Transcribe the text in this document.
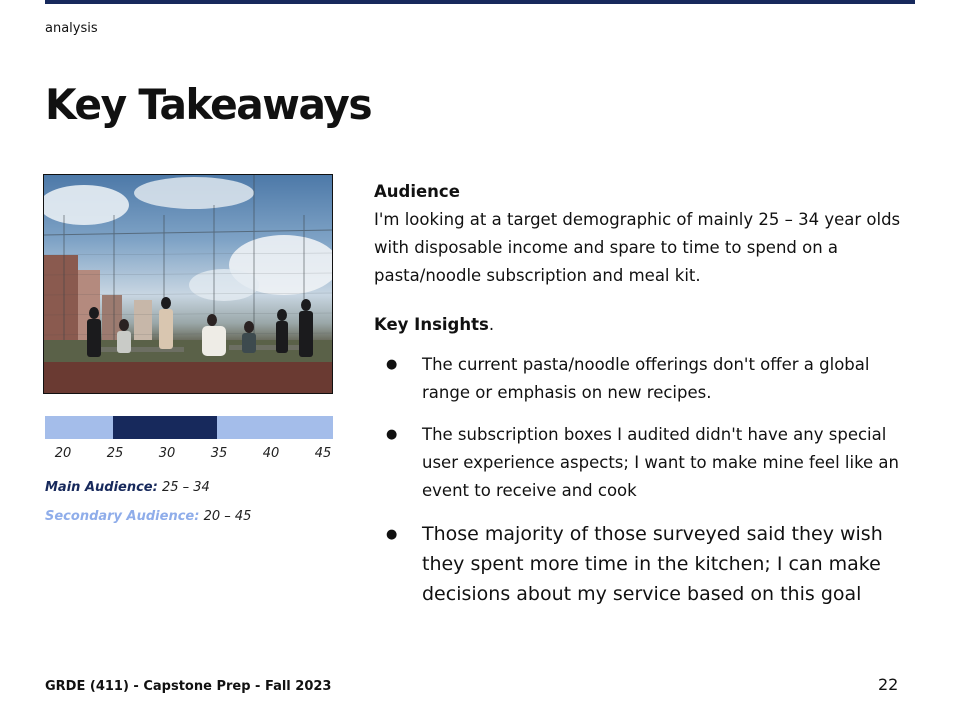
analysis
Key Takeaways
20	25	30	35	40	45
Main Audience: 25 – 34
Secondary Audience: 20 – 45
Audience
I'm looking at a target demographic of mainly 25 – 34 year olds with disposable income and spare to time to spend on a pasta/noodle subscription and meal kit.
Key Insights.
● The current pasta/noodle offerings don't offer a global range or emphasis on new recipes.
● The subscription boxes I audited didn't have any special user experience aspects; I want to make mine feel like an event to receive and cook
● Those majority of those surveyed said they wish they spent more time in the kitchen; I can make decisions about my service based on this goal
GRDE (411) - Capstone Prep - Fall 2023	22
